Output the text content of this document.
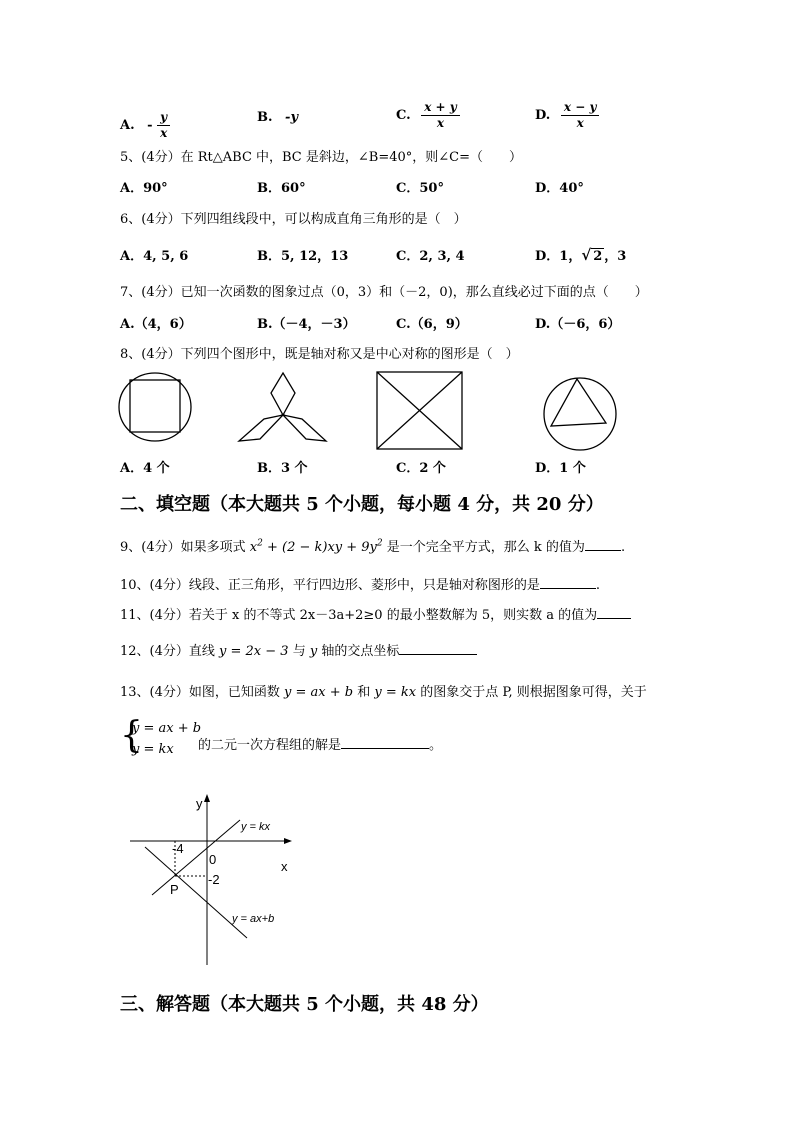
A. - $\frac{y}{x}$	B. -y	C. $\frac{x + y}{x}$	D. $\frac{x - y}{x}$
5、(4分）在 Rt△ABC 中，BC 是斜边，∠B=40°，则∠C=（　　）
A．90°	B．60°	C．50°	D．40°
6、(4分）下列四组线段中，可以构成直角三角形的是（　）
A．4, 5, 6	B．5, 12，13	C．2, 3, 4	D．1，√ 2 ，3
7、(4分）已知一次函数的图象过点（0，3）和（－2，0)，那么直线必过下面的点（　　）
A.（4，6）	B.（－4，－3）	C.（6，9）	D.（－6，6）
8、(4分）下列四个图形中，既是轴对称又是中心对称的图形是（　）
A．4 个	B．3 个	C．2 个	D．1 个
二、填空题（本大题共 5 个小题，每小题 4 分，共 20 分）
9、(4分）如果多项式 $x^2 + (2 - k)xy + 9y^2$ 是一个完全平方式，那么 k 的值为	.
10、(4分）线段、正三角形，平行四边形、菱形中，只是轴对称图形的是	.
11、(4分）若关于 x 的不等式 2x－3a+2≥0 的最小整数解为 5，则实数 a 的值为
12、(4分）直线 y = 2x − 3 与 y 轴的交点坐标
13、(4分）如图，已知函数 y = ax + b 和 y = kx 的图象交于点 P, 则根据图象可得，关于
{
y = ax + b
y = kx 的二元一次方程组的解是	。
y
x
0
-4
-2
P
y = kx
y = ax+b
三、解答题（本大题共 5 个小题，共 48 分）
